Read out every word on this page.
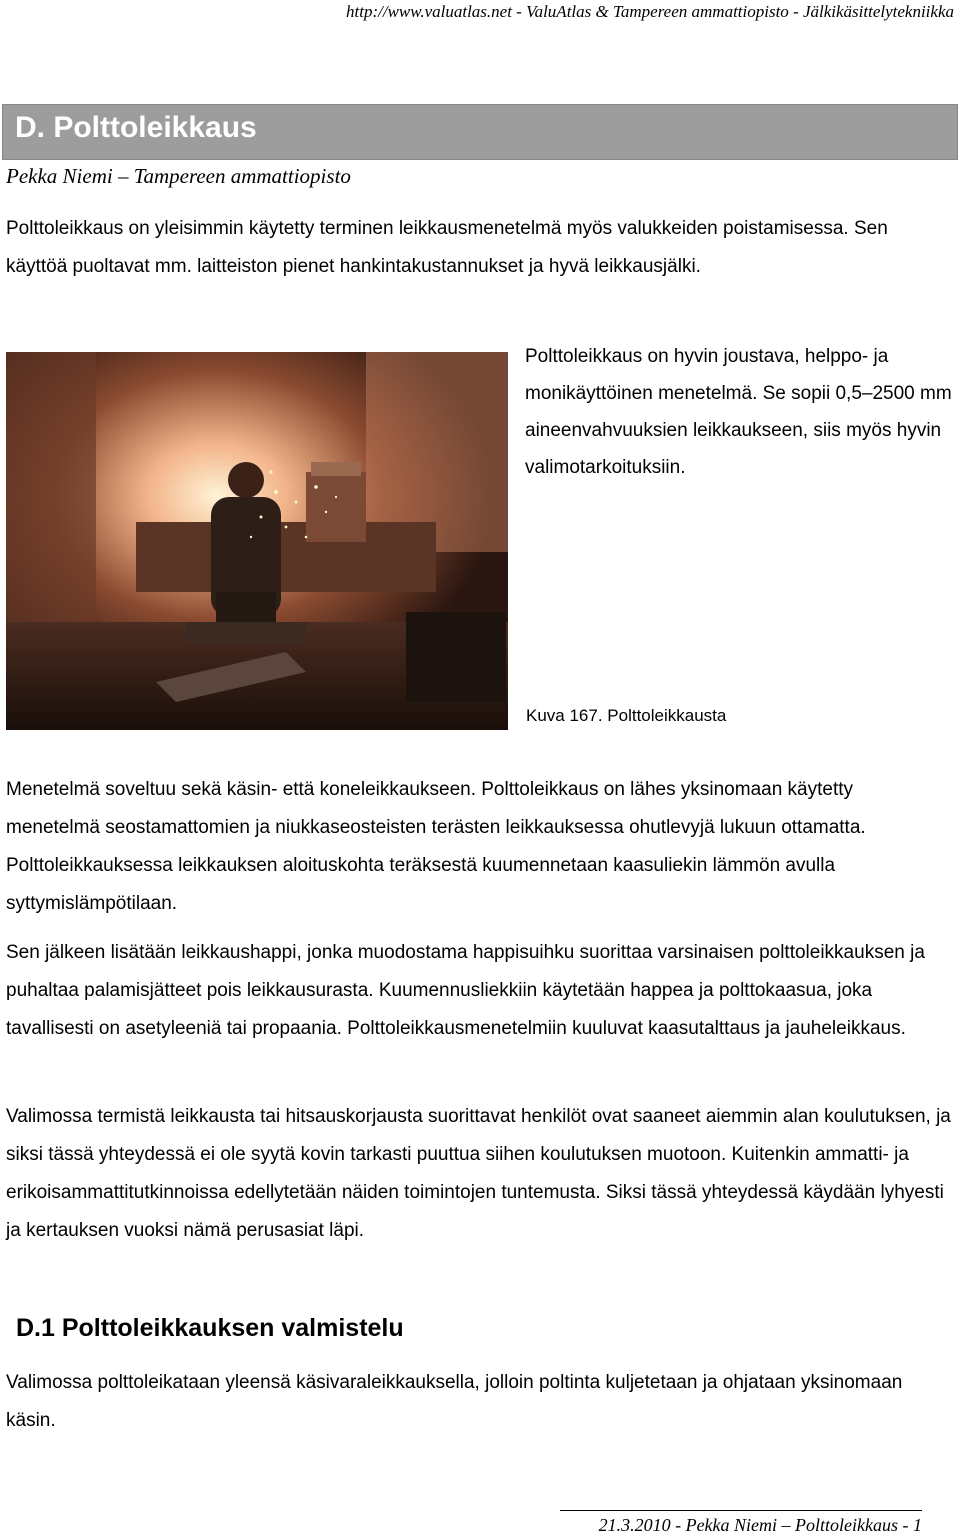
http://www.valuatlas.net - ValuAtlas & Tampereen ammattiopisto - Jälkikäsittelytekniikka
D. Polttoleikkaus
Pekka Niemi – Tampereen ammattiopisto

Polttoleikkaus on yleisimmin käytetty terminen leikkausmenetelmä myös valukkeiden poistamisessa. Sen käyttöä puoltavat mm. laitteiston pienet hankintakustannukset ja hyvä leikkausjälki.

Polttoleikkaus on hyvin joustava, helppo- ja monikäyttöinen menetelmä. Se sopii 0,5–2500 mm aineenvahvuuksien leikkaukseen, siis myös hyvin valimotarkoituksiin.

Kuva 167. Polttoleikkausta

Menetelmä soveltuu sekä käsin- että koneleikkaukseen. Polttoleikkaus on lähes yksinomaan käytetty menetelmä seostamattomien ja niukkaseosteisten terästen leikkauksessa ohutlevyjä lukuun ottamatta. Polttoleikkauksessa leikkauksen aloituskohta teräksestä kuumennetaan kaasuliekin lämmön avulla syttymislämpötilaan.

Sen jälkeen lisätään leikkaushappi, jonka muodostama happisuihku suorittaa varsinaisen polttoleikkauksen ja puhaltaa palamisjätteet pois leikkausurasta. Kuumennusliekkiin käytetään happea ja polttokaasua, joka tavallisesti on asetyleeniä tai propaania. Polttoleikkausmenetelmiin kuuluvat kaasutalttaus ja jauheleikkaus.

Valimossa termistä leikkausta tai hitsauskorjausta suorittavat henkilöt ovat saaneet aiemmin alan koulutuksen, ja siksi tässä yhteydessä ei ole syytä kovin tarkasti puuttua siihen koulutuksen muotoon. Kuitenkin ammatti- ja erikoisammattitutkinnoissa edellytetään näiden toimintojen tuntemusta. Siksi tässä yhteydessä käydään lyhyesti ja kertauksen vuoksi nämä perusasiat läpi.

D.1 Polttoleikkauksen valmistelu

Valimossa polttoleikataan yleensä käsivaraleikkauksella, jolloin poltinta kuljetetaan ja ohjataan yksinomaan käsin.

21.3.2010 - Pekka Niemi – Polttoleikkaus - 1
